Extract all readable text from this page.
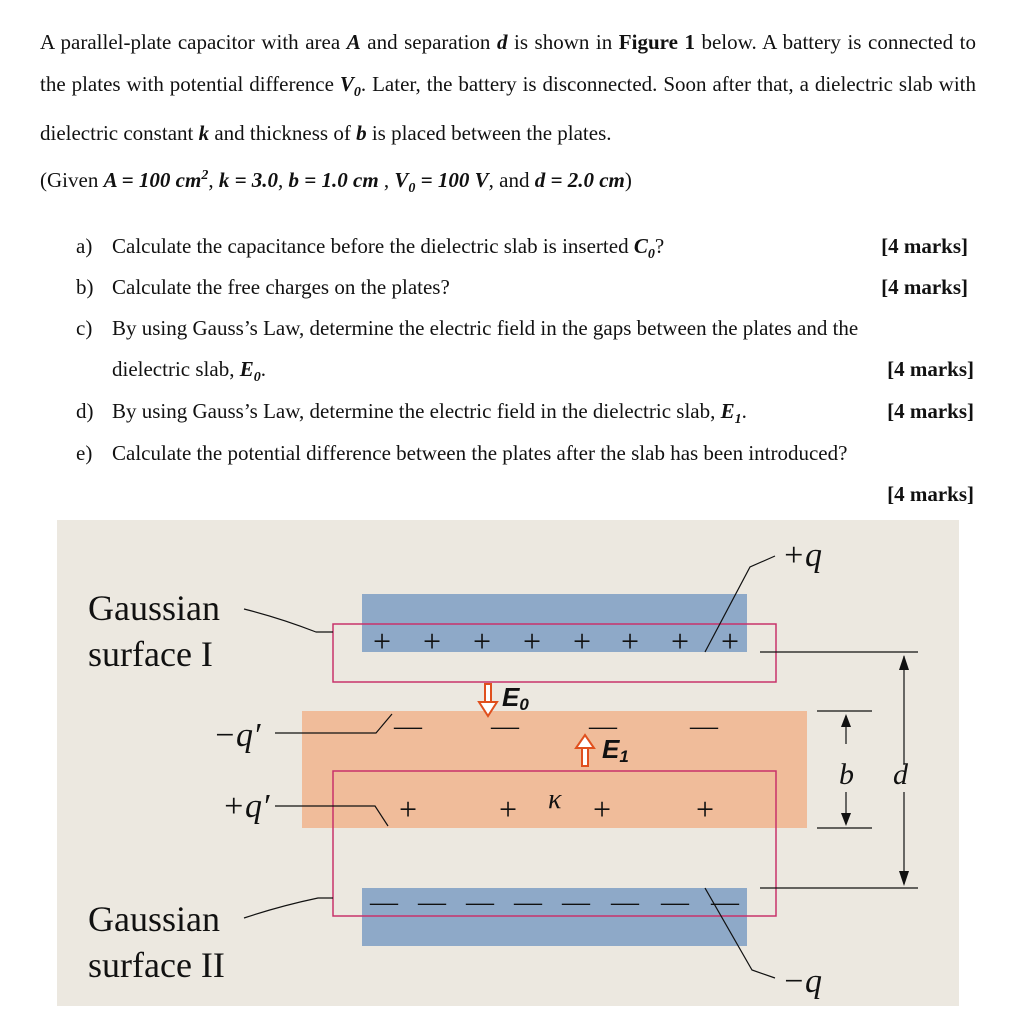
A parallel-plate capacitor with area A and separation d is shown in Figure 1 below. A battery is connected to the plates with potential difference $V_0$. Later, the battery is disconnected. Soon after that, a dielectric slab with dielectric constant k and thickness of b is placed between the plates.
(Given A = 100 $cm^2$, k = 3.0, b = 1.0 cm , $V_0 = 100$ V, and d = 2.0 cm)
a) Calculate the capacitance before the dielectric slab is inserted $C_0$?	[4 marks]
b) Calculate the free charges on the plates?	[4 marks]
c) By using Gauss’s Law, determine the electric field in the gaps between the plates and the
dielectric slab, $E_0$.	[4 marks]
d) By using Gauss’s Law, determine the electric field in the dielectric slab, $E_1$.	[4 marks]
e) Calculate the potential difference between the plates after the slab has been introduced?
[4 marks]
+ + + + + + + +
+	+ +	+
— —	—	—
— — — — — — — —
Gaussian
surface I
Gaussian
surface II
+q
−q
−q′
+q′
b d
κ
E0
E1
